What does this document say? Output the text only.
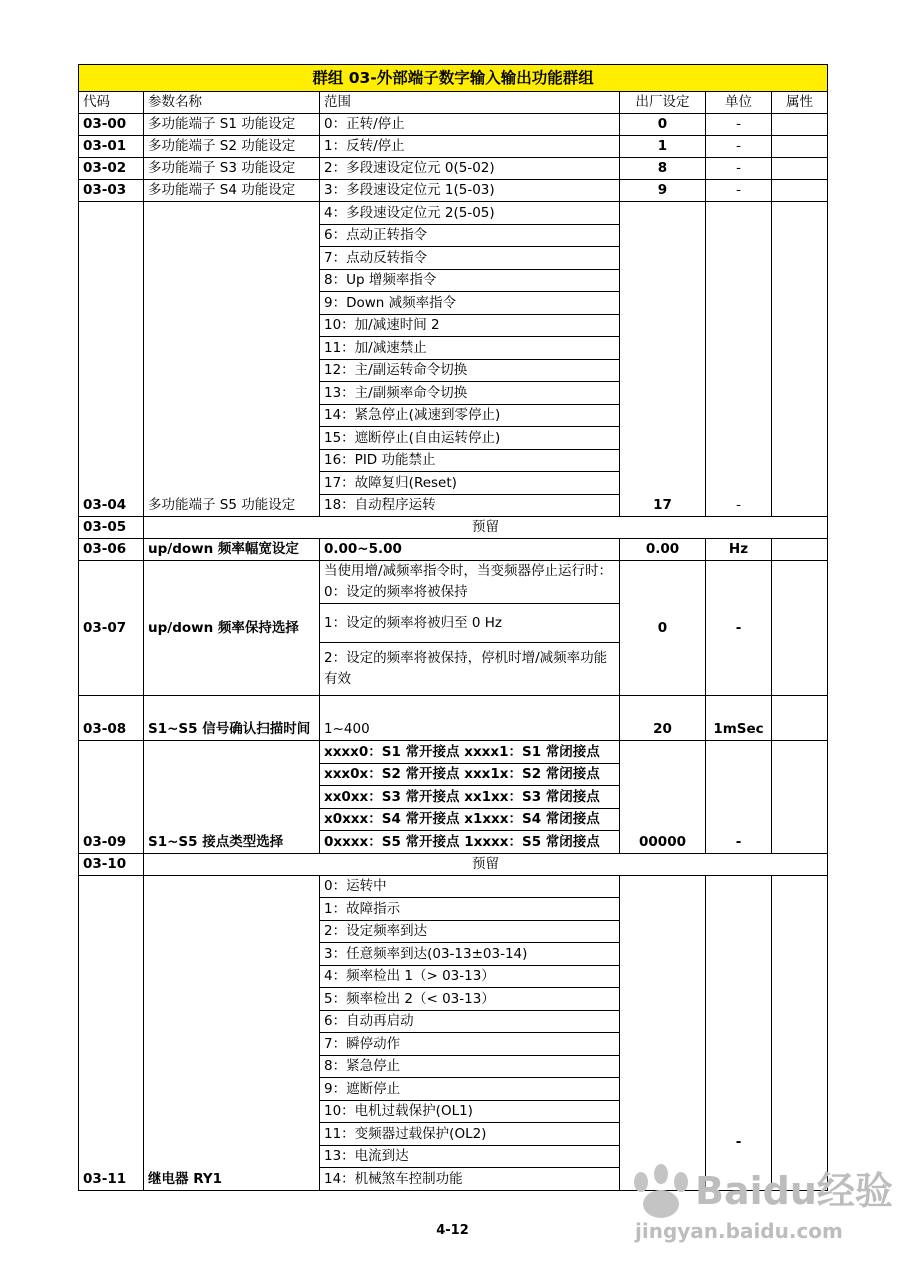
群组 03-外部端子数字输入输出功能群组					
代码	参数名称	范围	出厂设定	单位	属性
03-00	多功能端子 S1 功能设定	0：正转/停止	0	-	
03-01	多功能端子 S2 功能设定	1：反转/停止	1	-	
03-02	多功能端子 S3 功能设定	2：多段速设定位元 0(5-02)	8	-	
03-03	多功能端子 S4 功能设定	3：多段速设定位元 1(5-03)	9	-	
03-04	多功能端子 S5 功能设定	4：多段速设定位元 2(5-05)	17	-	
		6：点动正转指令			
		7：点动反转指令			
		8：Up 增频率指令			
		9：Down 减频率指令			
		10：加/减速时间 2			
		11：加/减速禁止			
		12：主/副运转命令切换			
		13：主/副频率命令切换			
		14：紧急停止(减速到零停止)			
		15：遮断停止(自由运转停止)			
		16：PID 功能禁止			
		17：故障复归(Reset)			
		18：自动程序运转			
03-05	预留				
03-06	up/down 频率幅宽设定	0.00~5.00	0.00	Hz	
03-07	up/down 频率保持选择	当使用增/减频率指令时，当变频器停止运行时：0：设定的频率将被保持	0	-	
		1：设定的频率将被归至 0 Hz			
		2：设定的频率将被保持，停机时增/减频率功能有效			
03-08	S1~S5 信号确认扫描时间	1~400	20	1mSec	
03-09	S1~S5 接点类型选择	xxxx0：S1 常开接点 xxxx1：S1 常闭接点	00000	-	
		xxx0x：S2 常开接点 xxx1x：S2 常闭接点			
		xx0xx：S3 常开接点 xx1xx：S3 常闭接点			
		x0xxx：S4 常开接点 x1xxx：S4 常闭接点			
		0xxxx：S5 常开接点 1xxxx：S5 常闭接点			
03-10	预留				
03-11	继电器 RY1	0：运转中		-	
		1：故障指示			
		2：设定频率到达			
		3：任意频率到达(03-13±03-14)			
		4：频率检出 1（> 03-13）			
		5：频率检出 2（< 03-13）			
		6：自动再启动			
		7：瞬停动作			
		8：紧急停止			
		9：遮断停止			
		10：电机过载保护(OL1)			
		11：变频器过载保护(OL2)			
		13：电流到达			
		14：机械煞车控制功能			
4-12
Baidu经验
jingyan.baidu.com
